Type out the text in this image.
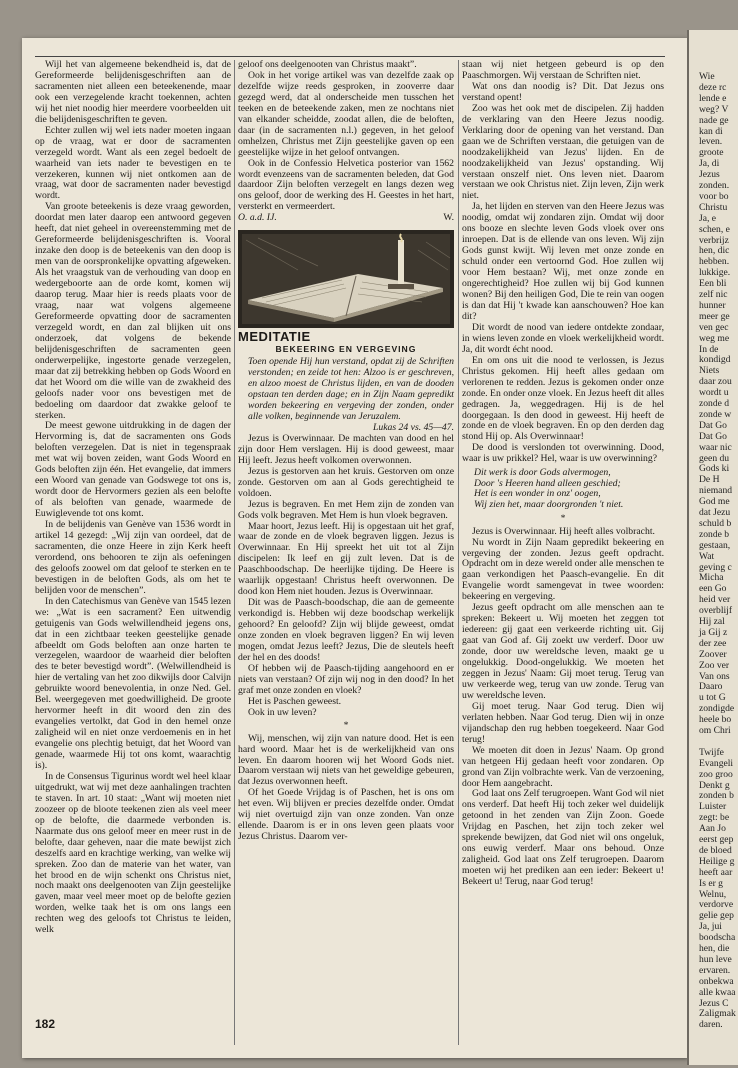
Wie
deze rc
lende e
weg? V
nade ge
kan di
leven.
groote
Ja, di
Jezus
zonden.
voor bo
Christu
Ja, e
schen, e
verbrijz
hen, dic
hebben.
lukkige.
Een bli
zelf nic
hunner
meer ge
ven gec
weg me
In de
kondigd
Niets
daar zou
wordt u
zonde d
zonde w
Dat Go
Dat Go
waar nic
geen du
Gods ki
De H
niemand
God me
dat Jezu
schuld b
zonde b
gestaan,
Wat
geving c
Micha
een Go
heid ver
overblijf
Hij zal
ja Gij z
der zee
Zoover
Zoo ver
Van ons
Daaro
u tot G
zondigde
heele bo
om Chri
Twijfe
Evangeli
zoo groo
Denkt g
zonden b
Luister
zegt: be
Aan Jo
eerst gep
de bloed
Heilige g
heeft aar
Is er g
Welnu,
verdorve
gelie gep
Ja, jui
boodscha
hen, die
hun leve
ervaren.
onbekwa
alle kwaa
Jezus C
Zaligmak
daren.

Wijl het van algemeene bekendheid is, dat de Gereformeerde belijdenisgeschriften aan de sacramenten niet alleen een beteekenende, maar ook een verzegelende kracht toekennen, achten wij het niet noodig hier meerdere voorbeelden uit die belijdenisgeschriften te geven.

Echter zullen wij wel iets nader moeten ingaan op de vraag, wat er door de sacramenten verzegeld wordt. Want als een zegel bedoelt de waarheid van iets nader te bevestigen en te verzekeren, kunnen wij niet ontkomen aan de vraag, wat door de sacramenten nader bevestigd wordt.

Van groote beteekenis is deze vraag geworden, doordat men later daarop een antwoord gegeven heeft, dat niet geheel in overeenstemming met de Gereformeerde belijdenisgeschriften is. Vooral inzake den doop is de beteekenis van den doop is men van de oorspronkelijke opvatting afgeweken. Als het vraagstuk van de verhouding van doop en wedergeboorte aan de orde komt, komen wij daarop terug. Maar hier is reeds plaats voor de vraag, naar wat volgens algemeene Gereformeerde opvatting door de sacramenten verzegeld wordt, en dan zal blijken uit ons onderzoek, dat volgens de bekende belijdenisgeschriften de sacramenten geen onderwerpelijke, ingestorte genade verzegelen, maar dat zij betrekking hebben op Gods Woord en dat het Woord om die wille van de zwakheid des geloofs nader voor ons bevestigen met de bedoeling om daardoor dat zwakke geloof te sterken.

De meest gewone uitdrukking in de dagen der Hervorming is, dat de sacramenten ons Gods beloften verzegelen. Dat is niet in tegenspraak met wat wij boven zeiden, want Gods Woord en Gods beloften zijn één. Het evangelie, dat immers een Woord van genade van Godswege tot ons is, wordt door de Hervormers gezien als een belofte of als beloften van genade, waarmede de Euwiglevende tot ons komt.

In de belijdenis van Genève van 1536 wordt in artikel 14 gezegd: „Wij zijn van oordeel, dat de sacramenten, die onze Heere in zijn Kerk heeft verordend, ons behooren te zijn als oefeningen des geloofs zoowel om dat geloof te sterken en te bevestigen in de beloften Gods, als om het te belijden voor de menschen”.

In den Catechismus van Genève van 1545 lezen we: „Wat is een sacrament? Een uitwendig getuigenis van Gods welwillendheid jegens ons, dat in een zichtbaar teeken geestelijke genade afbeeldt om Gods beloften aan onze harten te verzegelen, waardoor de waarheid dier beloften des te beter bevestigd wordt”. (Welwillendheid is hier de vertaling van het zoo dikwijls door Calvijn gebruikte woord benevolentia, in onze Ned. Gel. Bel. weergegeven met goedwilligheid. De groote hervormer heeft in dit woord den zin des evangelies vertolkt, dat God in den hemel onze zaligheid wil en niet onze verdoemenis en in het evangelie ons plechtig betuigt, dat het Woord van genade, waarmede Hij tot ons komt, waarachtig is).

In de Consensus Tigurinus wordt wel heel klaar uitgedrukt, wat wij met deze aanhalingen trachten te staven. In art. 10 staat: „Want wij moeten niet zoozeer op de bloote teekenen zien als veel meer op de belofte, die daarmede verbonden is. Naarmate dus ons geloof meer en meer rust in de belofte, daar geheven, naar die mate bewijst zich deszelfs aard en krachtige werking, van welke wij spreken. Zoo dan de materie van het water, van het brood en de wijn schenkt ons Christus niet, noch maakt ons deelgenooten van Zijn geestelijke gaven, maar veel meer moet op de belofte gezien worden, welke taak het is om ons langs een rechten weg des geloofs tot Christus te leiden, welk

geloof ons deelgenooten van Christus maakt”.

Ook in het vorige artikel was van dezelfde zaak op dezelfde wijze reeds gesproken, in zooverre daar gezegd werd, dat al onderscheide men tusschen het teeken en de beteekende zaken, men ze nochtans niet van elkander scheidde, zoodat allen, die de beloften, daar (in de sacramenten n.l.) gegeven, in het geloof omhelzen, Christus met Zijn geestelijke gaven op een geestelijke wijze in het geloof ontvangen.

Ook in de Confessio Helvetica posterior van 1562 wordt evenzeens van de sacramenten beleden, dat God daardoor Zijn beloften verzegelt en langs dezen weg ons geloof, door de werking des H. Geestes in het hart, versterkt en vermeerdert.

O. a.d. IJ.	W.
MEDITATIE
BEKEERING EN VERGEVING

Toen opende Hij hun verstand, opdat zij de Schriften verstonden; en zeide tot hen: Alzoo is er geschreven, en alzoo moest de Christus lijden, en van de dooden opstaan ten derden dage; en in Zijn Naam gepredikt worden bekeering en vergeving der zonden, onder alle volken, beginnende van Jeruzalem.

Lukas 24 vs. 45—47.

Jezus is Overwinnaar. De machten van dood en hel zijn door Hem verslagen. Hij is dood geweest, maar Hij leeft. Jezus heeft volkomen overwonnen.

Jezus is gestorven aan het kruis. Gestorven om onze zonde. Gestorven om aan al Gods gerechtigheid te voldoen.

Jezus is begraven. En met Hem zijn de zonden van Gods volk begraven. Met Hem is hun vloek begraven.

Maar hoort, Jezus leeft. Hij is opgestaan uit het graf, waar de zonde en de vloek begraven liggen. Jezus is Overwinnaar. En Hij spreekt het uit tot al Zijn discipelen: Ik leef en gij zult leven. Dat is de Paaschboodschap. De heerlijke tijding. De Heere is waarlijk opgestaan! Christus heeft overwonnen. De dood kon Hem niet houden. Jezus is Overwinnaar.

Dit was de Paasch-boodschap, die aan de gemeente verkondigd is. Hebben wij deze boodschap werkelijk gehoord? En geloofd? Zijn wij blijde geweest, omdat onze zonden en vloek begraven liggen? En wij leven mogen, omdat Jezus leeft? Jezus, Die de sleutels heeft der hel en des doods!

Of hebben wij de Paasch-tijding aangehoord en er niets van verstaan? Of zijn wij nog in den dood? In het graf met onze zonden en vloek?

Het is Paschen geweest.

Ook in uw leven?

*

Wij, menschen, wij zijn van nature dood. Het is een hard woord. Maar het is de werkelijkheid van ons leven. En daarom hooren wij het Woord Gods niet. Daarom verstaan wij niets van het geweldige gebeuren, dat Jezus overwonnen heeft.

Of het Goede Vrijdag is of Paschen, het is ons om het even. Wij blijven er precies dezelfde onder. Omdat wij niet overtuigd zijn van onze zonden. Van onze ellende. Daarom is er in ons leven geen plaats voor Jezus Christus. Daarom ver-

staan wij niet hetgeen gebeurd is op den Paaschmorgen. Wij verstaan de Schriften niet.

Wat ons dan noodig is? Dit. Dat Jezus ons verstand opent!

Zoo was het ook met de discipelen. Zij hadden de verklaring van den Heere Jezus noodig. Verklaring door de opening van het verstand. Dan gaan we de Schriften verstaan, die getuigen van de noodzakelijkheid van Jezus' lijden. En de noodzakelijkheid van Jezus' opstanding. Wij verstaan onszelf niet. Ons leven niet. Daarom verstaan we ook Christus niet. Zijn leven, Zijn werk niet.

Ja, het lijden en sterven van den Heere Jezus was noodig, omdat wij zondaren zijn. Omdat wij door ons booze en slechte leven Gods vloek over ons inroepen. Dat is de ellende van ons leven. Wij zijn Gods gunst kwijt. Wij leven met onze zonde en schuld onder een vertoornd God. Hoe zullen wij voor Hem bestaan? Wij, met onze zonde en ongerechtigheid? Hoe zullen wij bij God kunnen wonen? Bij den heiligen God, Die te rein van oogen is dan dat Hij 't kwade kan aanschouwen? Hoe kan dit?

Dit wordt de nood van iedere ontdekte zondaar, in wiens leven zonde en vloek werkelijkheid wordt. Ja, dit wordt écht nood.

En om ons uit die nood te verlossen, is Jezus Christus gekomen. Hij heeft alles gedaan om verlorenen te redden. Jezus is gekomen onder onze zonde. En onder onze vloek. En Jezus heeft dit alles gedragen. Ja, weggedragen. Hij is de hel doorgegaan. Is den dood in geweest. Hij heeft de zonde en de vloek begraven. En op den derden dag stond Hij op. Als Overwinnaar!

De dood is verslonden tot overwinning. Dood, waar is uw prikkel? Hel, waar is uw overwinning?

Dit werk is door Gods alvermogen,
Door 's Heeren hand alleen geschied;
Het is een wonder in onz' oogen,
Wij zien het, maar doorgronden 't niet.
*

Jezus is Overwinnaar. Hij heeft alles volbracht.

Nu wordt in Zijn Naam gepredikt bekeering en vergeving der zonden. Jezus geeft opdracht. Opdracht om in deze wereld onder alle menschen te gaan verkondigen het Paasch-evangelie. En dit Evangelie wordt samengevat in twee woorden: bekeering en vergeving.

Jezus geeft opdracht om alle menschen aan te spreken: Bekeert u. Wij moeten het zeggen tot iedereen: gij gaat een verkeerde richting uit. Gij gaat van God af. Gij zoekt uw verderf. Door uw zonde, door uw wereldsche leven, maakt ge u ongelukkig. Dood-ongelukkig. We moeten het zeggen in Jezus' Naam: Gij moet terug. Terug van uw verkeerde weg, terug van uw zonde. Terug van uw wereldsche leven.

Gij moet terug. Naar God terug. Dien wij verlaten hebben. Naar God terug. Dien wij in onze vijandschap den rug hebben toegekeerd. Naar God terug!

We moeten dit doen in Jezus' Naam. Op grond van hetgeen Hij gedaan heeft voor zondaren. Op grond van Zijn volbrachte werk. Van de verzoening, door Hem aangebracht.

God laat ons Zelf terugroepen. Want God wil niet ons verderf. Dat heeft Hij toch zeker wel duidelijk getoond in het zenden van Zijn Zoon. Goede Vrijdag en Paschen, het zijn toch zeker wel sprekende bewijzen, dat God niet wil ons ongeluk, ons euwig verderf. Maar ons behoud. Onze zaligheid. God laat ons Zelf terugroepen. Daarom moeten wij het prediken aan een ieder: Bekeert u! Bekeert u! Terug, naar God terug!

182
